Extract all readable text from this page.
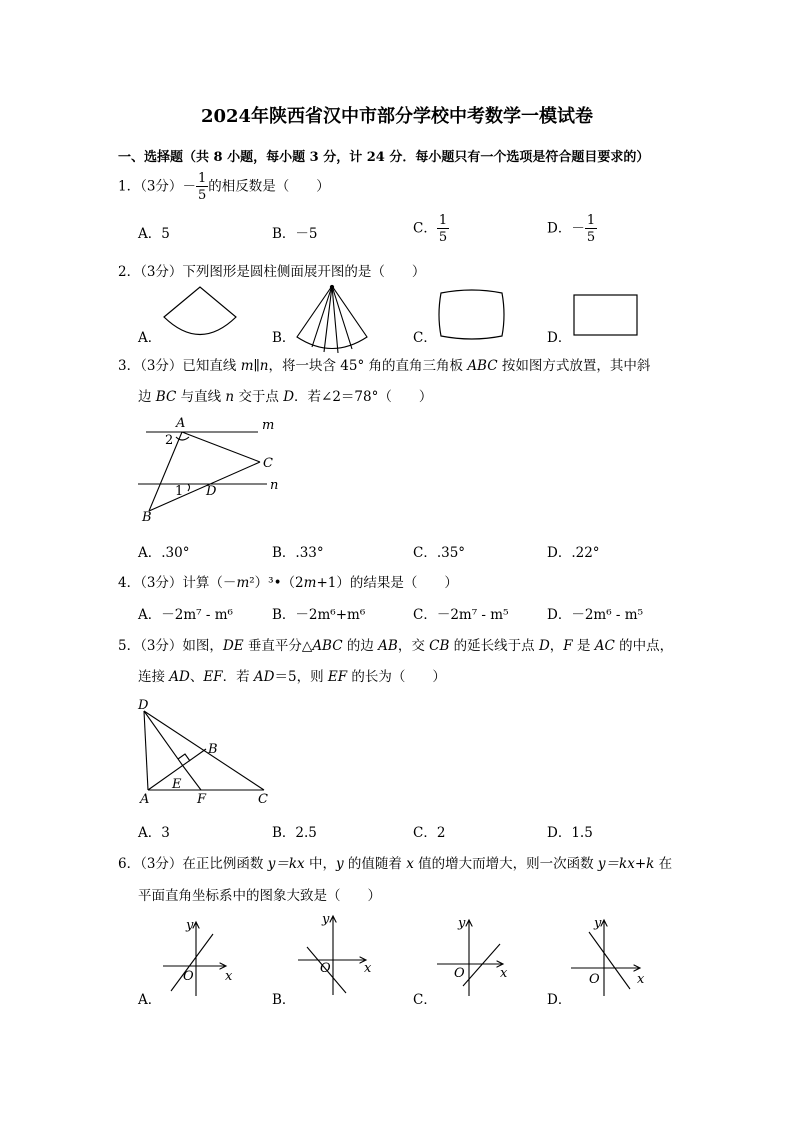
2024年陕西省汉中市部分学校中考数学一模试卷
一、选择题（共 8 小题，每小题 3 分，计 24 分．每小题只有一个选项是符合题目要求的）
1．（3分）－ $\frac{1}{5}$ 的相反数是（　　）
A．5	B．－5	C． $\frac{1}{5}$	D．－ $\frac{1}{5}$
2．（3分）下列图形是圆柱侧面展开图的是（　　）
A．	B．	C．	D．
3．（3分）已知直线 m∥n，将一块含 45° 角的直角三角板 ABC 按如图方式放置，其中斜
边 BC 与直线 n 交于点 D．若∠2＝78°（　　）
A	m
2
C
1 D	n
B
A．.30°	B．.33°	C．.35°	D．.22°
4．（3分）计算（－m²）³•（2m+1）的结果是（　　）
A．－2m⁷ - m⁶	B．－2m⁶+m⁶	C．－2m⁷ - m⁵	D．－2m⁶ - m⁵
5．（3分）如图，DE 垂直平分△ABC 的边 AB，交 CB 的延长线于点 D，F 是 AC 的中点，
连接 AD、EF．若 AD＝5，则 EF 的长为（　　）
D
B
E
A	F	C
A．3	B．2.5	C．2	D．1.5
6．（3分）在正比例函数 y＝kx 中，y 的值随着 x 值的增大而增大，则一次函数 y＝kx+k 在
平面直角坐标系中的图象大致是（　　）
y
x
O
y
x
O
y
x
O
y
x
O
A．	B．	C．	D．
